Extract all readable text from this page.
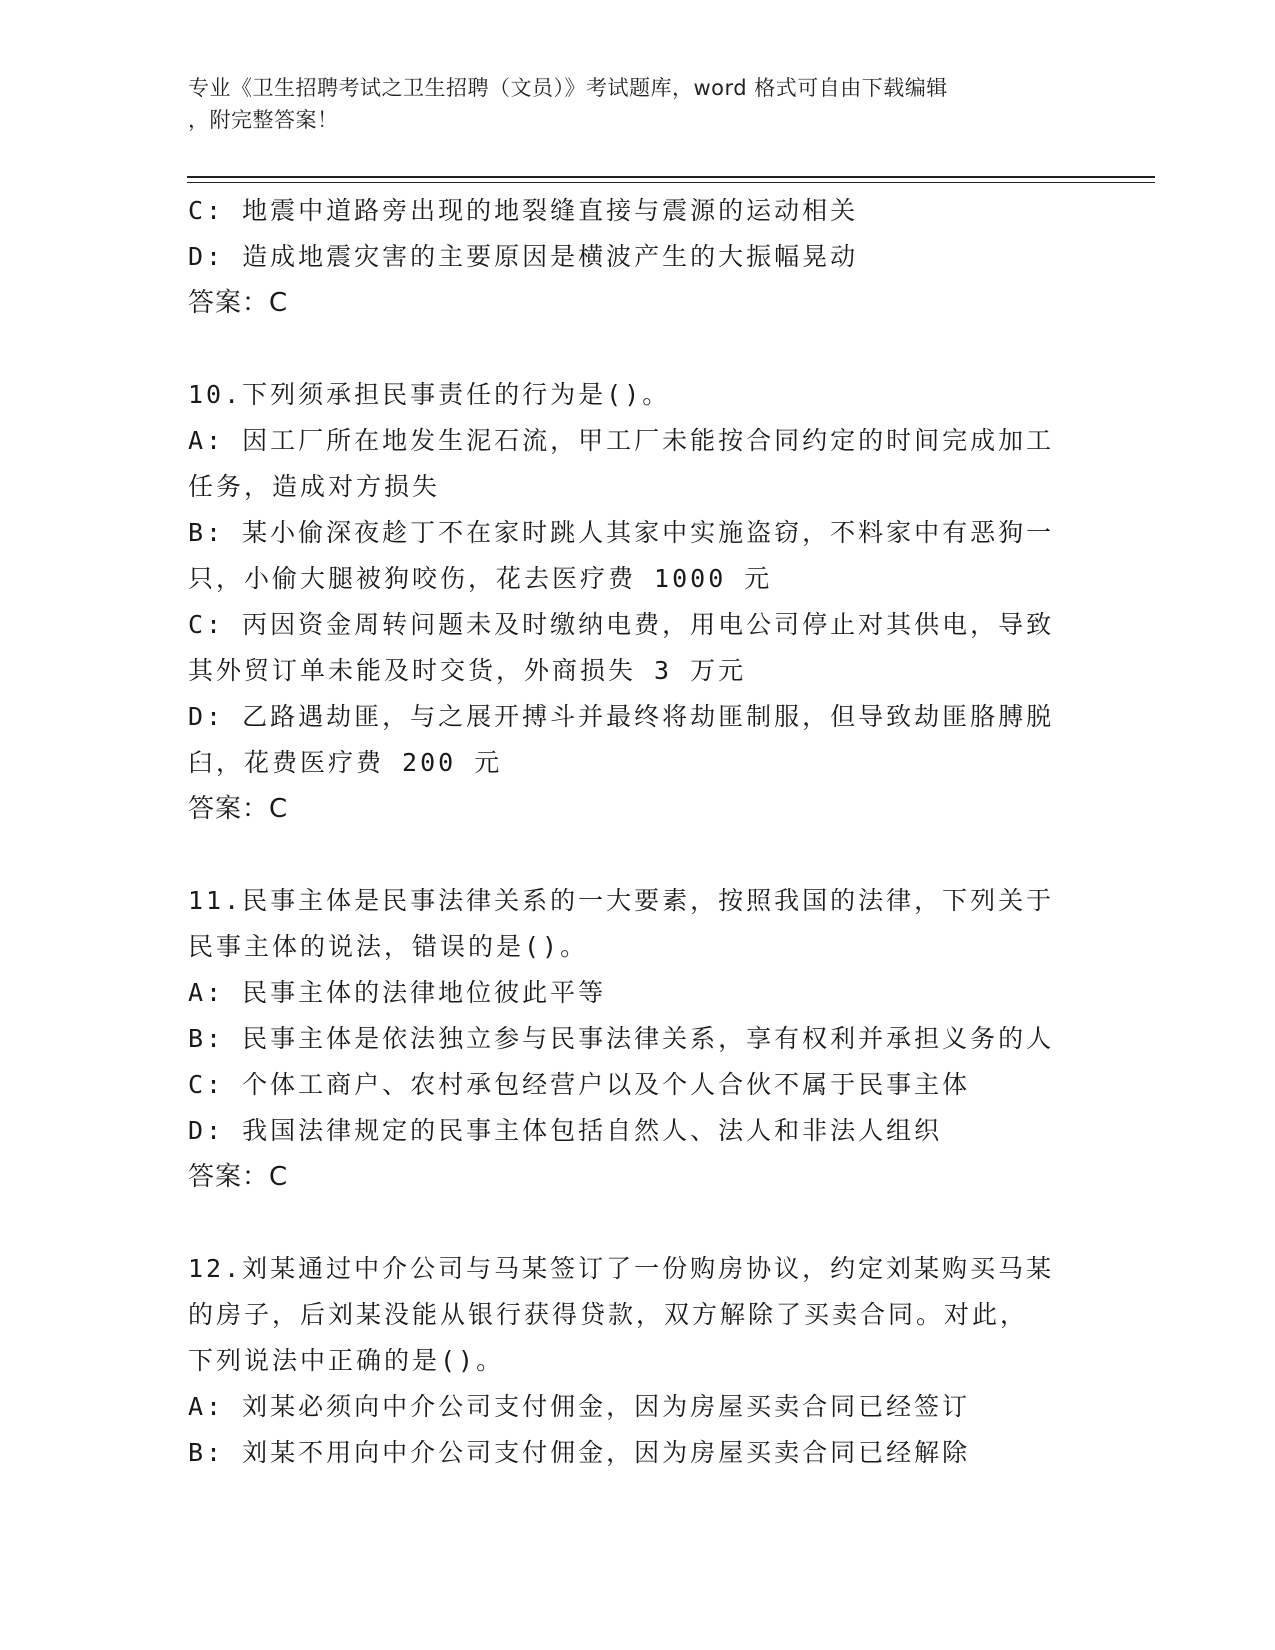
专业《卫生招聘考试之卫生招聘（文员）》考试题库，word 格式可自由下载编辑
，附完整答案！
C: 地震中道路旁出现的地裂缝直接与震源的运动相关
D: 造成地震灾害的主要原因是横波产生的大振幅晃动
答案：C
10.下列须承担民事责任的行为是()。
A: 因工厂所在地发生泥石流，甲工厂未能按合同约定的时间完成加工
任务，造成对方损失
B: 某小偷深夜趁丁不在家时跳人其家中实施盗窃，不料家中有恶狗一
只，小偷大腿被狗咬伤，花去医疗费 1000 元
C: 丙因资金周转问题未及时缴纳电费，用电公司停止对其供电，导致
其外贸订单未能及时交货，外商损失 3 万元
D: 乙路遇劫匪，与之展开搏斗并最终将劫匪制服，但导致劫匪胳膊脱
臼，花费医疗费 200 元
答案：C
11.民事主体是民事法律关系的一大要素，按照我国的法律，下列关于
民事主体的说法，错误的是()。
A: 民事主体的法律地位彼此平等
B: 民事主体是依法独立参与民事法律关系，享有权利并承担义务的人
C: 个体工商户、农村承包经营户以及个人合伙不属于民事主体
D: 我国法律规定的民事主体包括自然人、法人和非法人组织
答案：C
12.刘某通过中介公司与马某签订了一份购房协议，约定刘某购买马某
的房子，后刘某没能从银行获得贷款，双方解除了买卖合同。对此，
下列说法中正确的是()。
A: 刘某必须向中介公司支付佣金，因为房屋买卖合同已经签订
B: 刘某不用向中介公司支付佣金，因为房屋买卖合同已经解除
